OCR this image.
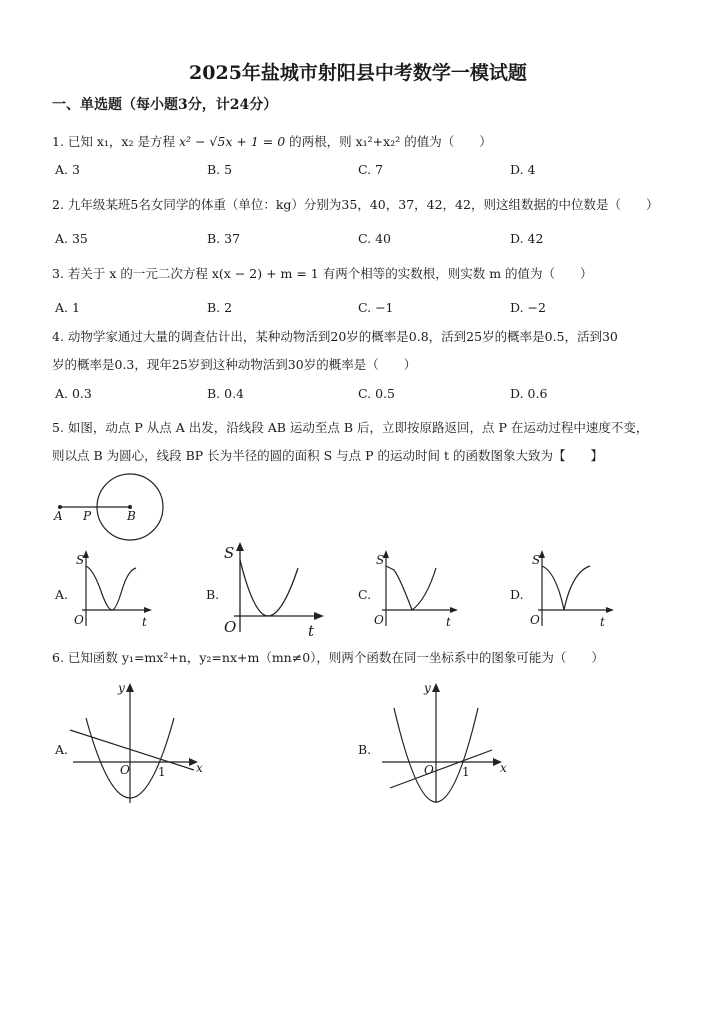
2025年盐城市射阳县中考数学一模试题
一、单选题（每小题3分，计24分）
1. 已知 x₁，x₂ 是方程 x² − √5x + 1 = 0 的两根，则 x₁²+x₂² 的值为（　　）
A. 3	B. 5	C. 7	D. 4
2. 九年级某班5名女同学的体重（单位：kg）分别为35，40，37，42，42，则这组数据的中位数是（　　）
A. 35	B. 37	C. 40	D. 42
3. 若关于 x 的一元二次方程 x(x − 2) + m = 1 有两个相等的实数根，则实数 m 的值为（　　）
A. 1	B. 2	C. −1	D. −2
4. 动物学家通过大量的调查估计出，某种动物活到20岁的概率是0.8，活到25岁的概率是0.5，活到30
岁的概率是0.3，现年25岁到这种动物活到30岁的概率是（　　）
A. 0.3	B. 0.4	C. 0.5	D. 0.6
5. 如图，动点 P 从点 A 出发，沿线段 AB 运动至点 B 后，立即按原路返回，点 P 在运动过程中速度不变，
则以点 B 为圆心，线段 BP 长为半径的圆的面积 S 与点 P 的运动时间 t 的函数图象大致为【　　】
A P	B
A.
S
O	t
B.
S
O	t
C.
S
O	t
D.
S
O	t
6. 已知函数 y₁=mx²+n，y₂=nx+m（mn≠0），则两个函数在同一坐标系中的图象可能为（　　）
A.
O 1
y
x
B.
O 1
y
x
